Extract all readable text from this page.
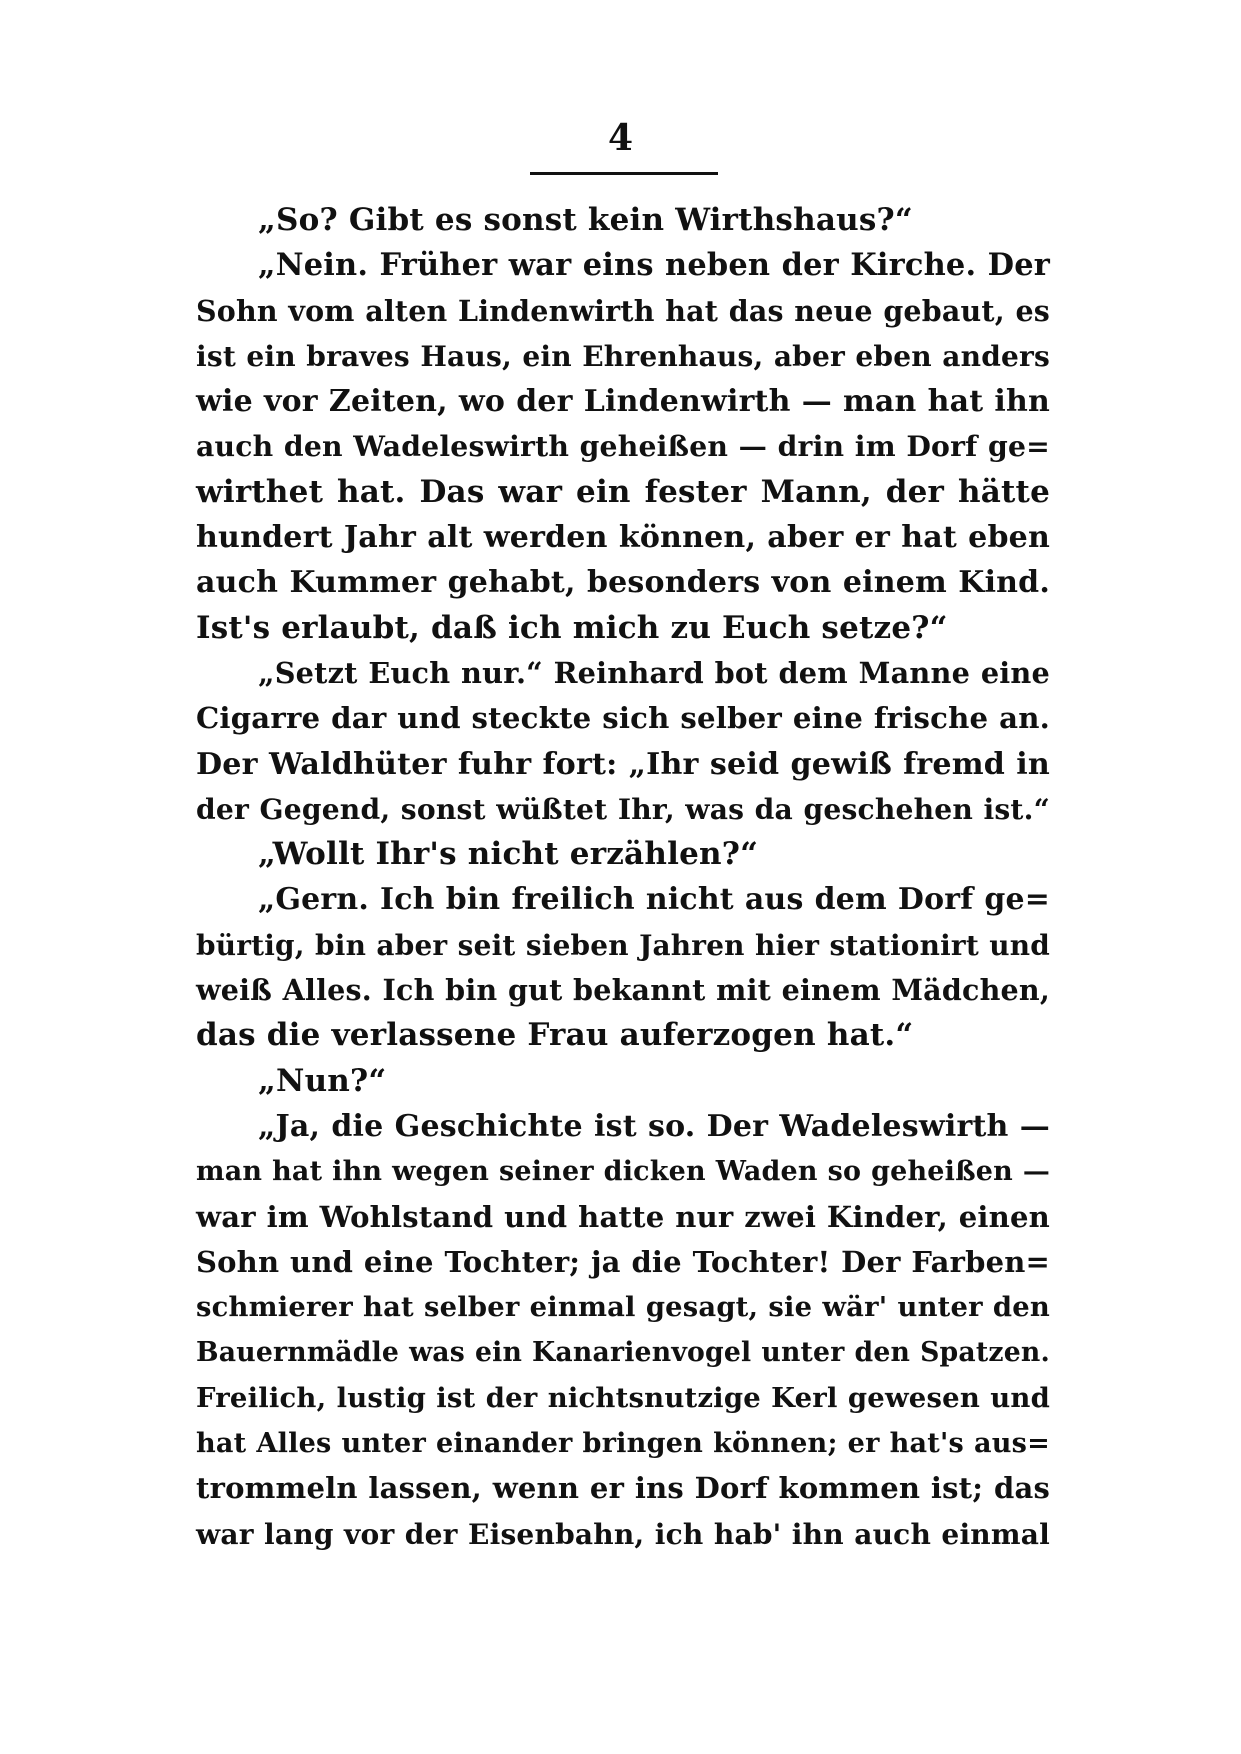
4
„So? Gibt es sonst kein Wirthshaus?“
„Nein. Früher war eins neben der Kirche. Der
Sohn vom alten Lindenwirth hat das neue gebaut, es
ist ein braves Haus, ein Ehrenhaus, aber eben anders
wie vor Zeiten, wo der Lindenwirth — man hat ihn
auch den Wadeleswirth geheißen — drin im Dorf ge=
wirthet hat. Das war ein fester Mann, der hätte
hundert Jahr alt werden können, aber er hat eben
auch Kummer gehabt, besonders von einem Kind.
Ist's erlaubt, daß ich mich zu Euch setze?“
„Setzt Euch nur.“ Reinhard bot dem Manne eine
Cigarre dar und steckte sich selber eine frische an.
Der Waldhüter fuhr fort: „Ihr seid gewiß fremd in
der Gegend, sonst wüßtet Ihr, was da geschehen ist.“
„Wollt Ihr's nicht erzählen?“
„Gern. Ich bin freilich nicht aus dem Dorf ge=
bürtig, bin aber seit sieben Jahren hier stationirt und
weiß Alles. Ich bin gut bekannt mit einem Mädchen,
das die verlassene Frau auferzogen hat.“
„Nun?“
„Ja, die Geschichte ist so. Der Wadeleswirth —
man hat ihn wegen seiner dicken Waden so geheißen —
war im Wohlstand und hatte nur zwei Kinder, einen
Sohn und eine Tochter; ja die Tochter! Der Farben=
schmierer hat selber einmal gesagt, sie wär' unter den
Bauernmädle was ein Kanarienvogel unter den Spatzen.
Freilich, lustig ist der nichtsnutzige Kerl gewesen und
hat Alles unter einander bringen können; er hat's aus=
trommeln lassen, wenn er ins Dorf kommen ist; das
war lang vor der Eisenbahn, ich hab' ihn auch einmal
